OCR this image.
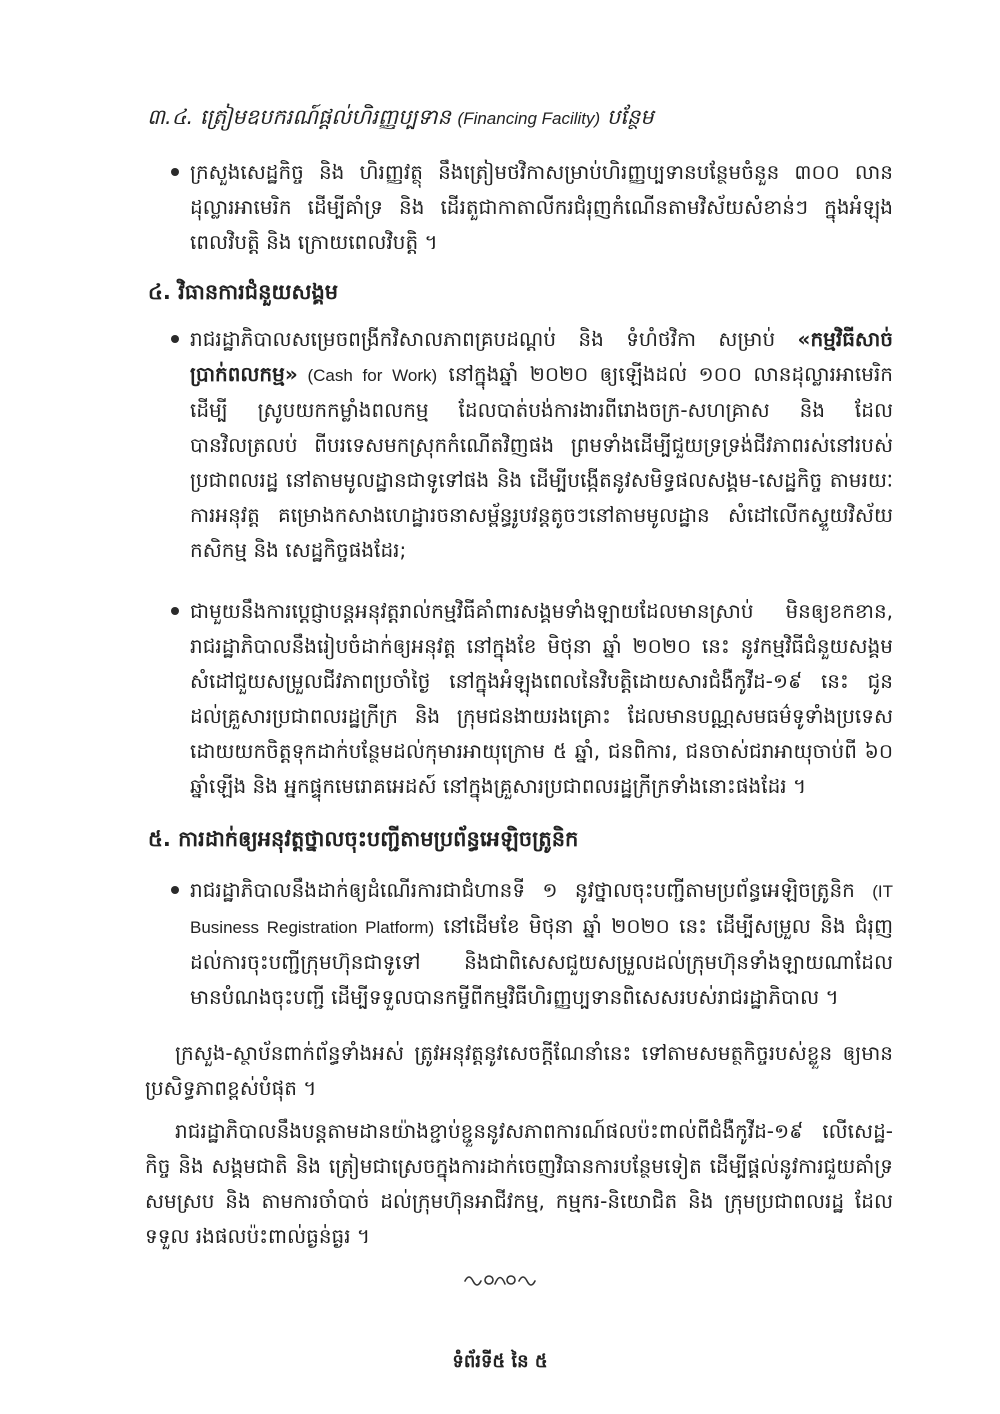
៣.៤. ត្រៀមឧបករណ៍ផ្តល់ហិរញ្ញប្បទាន (Financing Facility) បន្ថែម

ក្រសួងសេដ្ឋកិច្ច និង ហិរញ្ញវត្ថុ នឹងត្រៀមថវិកាសម្រាប់ហិរញ្ញប្បទានបន្ថែមចំនួន ៣០០ លាន ដុល្លារអាមេរិក ដើម្បីគាំទ្រ និង ដើរតួជាកាតាលីករជំរុញកំណើនតាមវិស័យសំខាន់ៗ ក្នុងអំឡុង ពេលវិបត្តិ និង ក្រោយពេលវិបត្តិ ។

៤. វិធានការជំនួយសង្គម

រាជរដ្ឋាភិបាលសម្រេចពង្រីកវិសាលភាពគ្របដណ្តប់ និង ទំហំថវិកា សម្រាប់ «កម្មវិធីសាច់ប្រាក់ពលកម្ម» (Cash for Work) នៅក្នុងឆ្នាំ ២០២០ ឲ្យឡើងដល់ ១០០ លានដុល្លារអាមេរិក ដើម្បី ស្រូបយកកម្លាំងពលកម្ម ដែលបាត់បង់ការងារពីរោងចក្រ-សហគ្រាស និង ដែលបានវិលត្រលប់ ពីបរទេសមកស្រុកកំណើតវិញផង ព្រមទាំងដើម្បីជួយទ្រទ្រង់ជីវភាពរស់នៅរបស់ប្រជាពលរដ្ឋ នៅតាមមូលដ្ឋានជាទូទៅផង និង ដើម្បីបង្កើតនូវសមិទ្ធផលសង្គម-សេដ្ឋកិច្ច តាមរយៈការអនុវត្ត គម្រោងកសាងហេដ្ឋារចនាសម្ព័ន្ធរូបវន្តតូចៗនៅតាមមូលដ្ឋាន សំដៅលើកស្ទួយវិស័យកសិកម្ម និង សេដ្ឋកិច្ចផងដែរ;

ជាមួយនឹងការប្តេជ្ញាបន្តអនុវត្តរាល់កម្មវិធីគាំពារសង្គមទាំងឡាយដែលមានស្រាប់ មិនឲ្យខកខាន, រាជរដ្ឋាភិបាលនឹងរៀបចំដាក់ឲ្យអនុវត្ត នៅក្នុងខែ មិថុនា ឆ្នាំ ២០២០ នេះ នូវកម្មវិធីជំនួយសង្គម សំដៅជួយសម្រួលជីវភាពប្រចាំថ្ងៃ នៅក្នុងអំឡុងពេលនៃវិបត្តិដោយសារជំងឺកូវីដ-១៩ នេះ ជូន ដល់គ្រួសារប្រជាពលរដ្ឋក្រីក្រ និង ក្រុមជនងាយរងគ្រោះ ដែលមានបណ្ណសមធម៌ទូទាំងប្រទេស ដោយយកចិត្តទុកដាក់បន្ថែមដល់កុមារអាយុក្រោម ៥ ឆ្នាំ, ជនពិការ, ជនចាស់ជរាអាយុចាប់ពី ៦០ ឆ្នាំឡើង និង អ្នកផ្ទុកមេរោគអេដស៍ នៅក្នុងគ្រួសារប្រជាពលរដ្ឋក្រីក្រទាំងនោះផងដែរ ។

៥. ការដាក់ឲ្យអនុវត្តថ្នាលចុះបញ្ជីតាមប្រព័ន្ធអេឡិចត្រូនិក

រាជរដ្ឋាភិបាលនឹងដាក់ឲ្យដំណើរការជាជំហានទី ១ នូវថ្នាលចុះបញ្ជីតាមប្រព័ន្ធអេឡិចត្រូនិក (IT Business Registration Platform) នៅដើមខែ មិថុនា ឆ្នាំ ២០២០ នេះ ដើម្បីសម្រួល និង ជំរុញ ដល់ការចុះបញ្ជីក្រុមហ៊ុនជាទូទៅ និងជាពិសេសជួយសម្រួលដល់ក្រុមហ៊ុនទាំងឡាយណាដែល មានបំណងចុះបញ្ជី ដើម្បីទទួលបានកម្ចីពីកម្មវិធីហិរញ្ញប្បទានពិសេសរបស់រាជរដ្ឋាភិបាល ។

ក្រសួង-ស្ថាប័នពាក់ព័ន្ធទាំងអស់ ត្រូវអនុវត្តនូវសេចក្តីណែនាំនេះ ទៅតាមសមត្ថកិច្ចរបស់ខ្លួន ឲ្យមាន ប្រសិទ្ធភាពខ្ពស់បំផុត ។

រាជរដ្ឋាភិបាលនឹងបន្តតាមដានយ៉ាងខ្ជាប់ខ្ជួននូវសភាពការណ៍ផលប៉ះពាល់ពីជំងឺកូវីដ-១៩ លើសេដ្ឋ-កិច្ច និង សង្គមជាតិ និង ត្រៀមជាស្រេចក្នុងការដាក់ចេញវិធានការបន្ថែមទៀត ដើម្បីផ្តល់នូវការជួយគាំទ្រ សមស្រប និង តាមការចាំបាច់ ដល់ក្រុមហ៊ុនអាជីវកម្ម, កម្មករ-និយោជិត និង ក្រុមប្រជាពលរដ្ឋ ដែលទទួល រងផលប៉ះពាល់ធ្ងន់ធ្ងរ ។

ទំព័រទី៥ នៃ ៥
